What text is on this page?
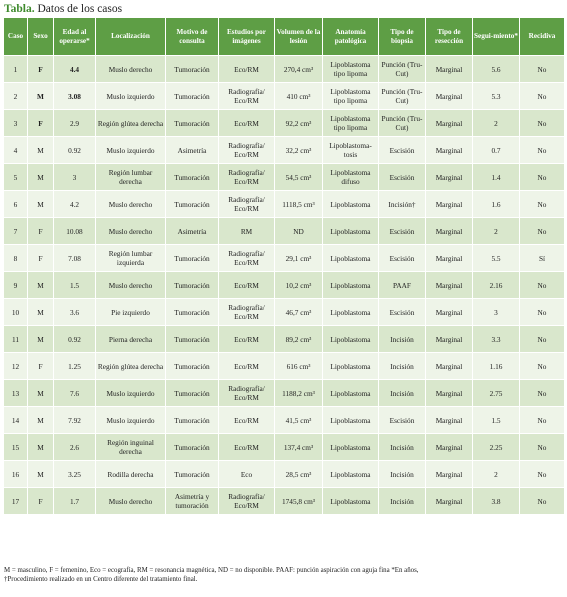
Tabla. Datos de los casos
Caso	Sexo	Edad al operarse*	Localización	Motivo de consulta	Estudios por imágenes	Volumen de la lesión	Anatomía patológica	Tipo de biopsia	Tipo de resección	Segui-miento*	Recidiva
1	F	4.4	Muslo derecho	Tumoración	Eco/RM	270,4 cm³	Lipoblastoma tipo lipoma	Punción (Tru-Cut)	Marginal	5.6	No
2	M	3.08	Muslo izquierdo	Tumoración	Radiografía/ Eco/RM	410 cm³	Lipoblastoma tipo lipoma	Punción (Tru-Cut)	Marginal	5.3	No
3	F	2.9	Región glútea derecha	Tumoración	Eco/RM	92,2 cm³	Lipoblastoma tipo lipoma	Punción (Tru-Cut)	Marginal	2	No
4	M	0.92	Muslo izquierdo	Asimetría	Radiografía/ Eco/RM	32,2 cm³	Lipoblastoma-tosis	Escisión	Marginal	0.7	No
5	M	3	Región lumbar derecha	Tumoración	Radiografía/ Eco/RM	54,5 cm³	Lipoblastoma difuso	Escisión	Marginal	1.4	No
6	M	4.2	Muslo derecho	Tumoración	Radiografía/ Eco/RM	1118,5 cm³	Lipoblastoma	Incisión†	Marginal	1.6	No
7	F	10.08	Muslo derecho	Asimetría	RM	ND	Lipoblastoma	Escisión	Marginal	2	No
8	F	7.08	Región lumbar izquierda	Tumoración	Radiografía/ Eco/RM	29,1 cm³	Lipoblastoma	Escisión	Marginal	5.5	Sí
9	M	1.5	Muslo derecho	Tumoración	Eco/RM	10,2 cm³	Lipoblastoma	PAAF	Marginal	2.16	No
10	M	3.6	Pie izquierdo	Tumoración	Radiografía/ Eco/RM	46,7 cm³	Lipoblastoma	Escisión	Marginal	3	No
11	M	0.92	Pierna derecha	Tumoración	Eco/RM	89,2 cm³	Lipoblastoma	Incisión	Marginal	3.3	No
12	F	1.25	Región glútea derecha	Tumoración	Eco/RM	616 cm³	Lipoblastoma	Incisión	Marginal	1.16	No
13	M	7.6	Muslo izquierdo	Tumoración	Radiografía/ Eco/RM	1188,2 cm³	Lipoblastoma	Incisión	Marginal	2.75	No
14	M	7.92	Muslo izquierdo	Tumoración	Eco/RM	41,5 cm³	Lipoblastoma	Escisión	Marginal	1.5	No
15	M	2.6	Región inguinal derecha	Tumoración	Eco/RM	137,4 cm³	Lipoblastoma	Incisión	Marginal	2.25	No
16	M	3.25	Rodilla derecha	Tumoración	Eco	28,5 cm³	Lipoblastoma	Incisión	Marginal	2	No
17	F	1.7	Muslo derecho	Asimetría y tumoración	Radiografía/ Eco/RM	1745,8 cm³	Lipoblastoma	Incisión	Marginal	3.8	No
M = masculino, F = femenino, Eco = ecografía, RM = resonancia magnética, ND = no disponible. PAAF: punción aspiración con aguja fina *En años,
†Procedimiento realizado en un Centro diferente del tratamiento final.
